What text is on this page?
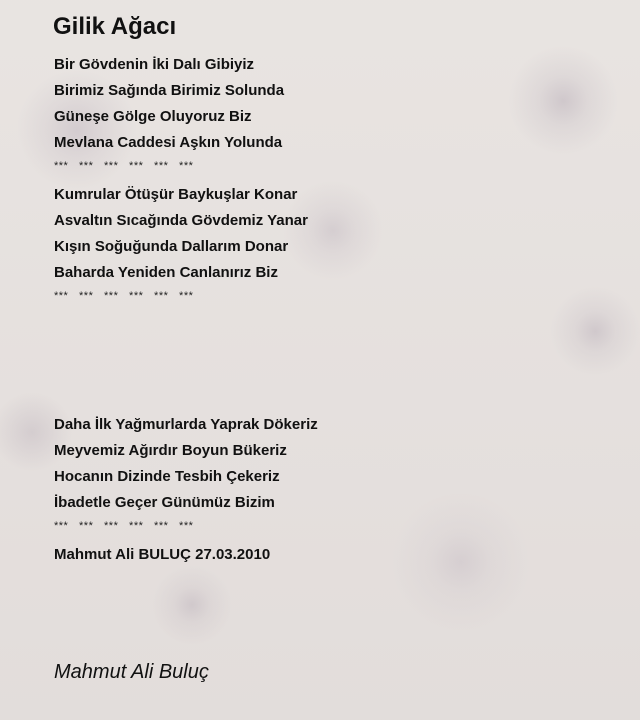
Gilik Ağacı
Bir Gövdenin İki Dalı Gibiyiz
Birimiz Sağında Birimiz Solunda
Güneşe Gölge Oluyoruz Biz
Mevlana Caddesi Aşkın Yolunda
***   ***   ***   ***   ***   ***
Kumrular Ötüşür Baykuşlar Konar
Asvaltın Sıcağında Gövdemiz Yanar
Kışın Soğuğunda Dallarım Donar
Baharda Yeniden Canlanırız Biz
***   ***   ***   ***   ***   ***
Daha İlk Yağmurlarda Yaprak Dökeriz
Meyvemiz Ağırdır Boyun Bükeriz
Hocanın Dizinde Tesbih Çekeriz
İbadetle Geçer Günümüz Bizim
***   ***   ***   ***   ***   ***
Mahmut Ali BULUÇ 27.03.2010
Mahmut Ali Buluç
